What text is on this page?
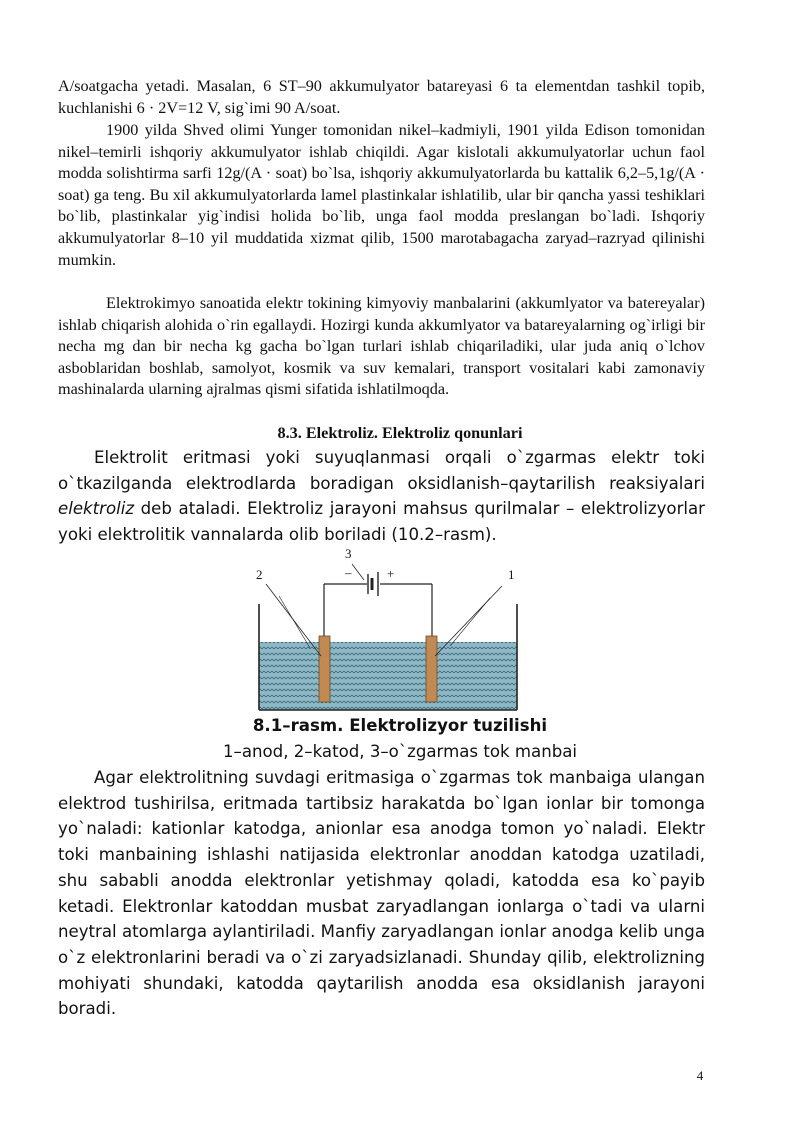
A/soatgacha yetadi. Masalan, 6 ST–90 akkumulyator batareyasi 6 ta elementdan tashkil topib, kuchlanishi 6 · 2V=12 V, sig`imi 90 A/soat.

1900 yilda Shved olimi Yunger tomonidan nikel–kadmiyli, 1901 yilda Edison tomonidan nikel–temirli ishqoriy akkumulyator ishlab chiqildi. Agar kislotali akkumulyatorlar uchun faol modda solishtirma sarfi 12g/(A · soat) bo`lsa, ishqoriy akkumulyatorlarda bu kattalik 6,2–5,1g/(A · soat) ga teng. Bu xil akkumulyatorlarda lamel plastinkalar ishlatilib, ular bir qancha yassi teshiklari bo`lib, plastinkalar yig`indisi holida bo`lib, unga faol modda preslangan bo`ladi. Ishqoriy akkumulyatorlar 8–10 yil muddatida xizmat qilib, 1500 marotabagacha zaryad–razryad qilinishi mumkin.

Elektrokimyo sanoatida elektr tokining kimyoviy manbalarini (akkumlyator va batereyalar) ishlab chiqarish alohida o`rin egallaydi. Hozirgi kunda akkumlyator va batareyalarning og`irligi bir necha mg dan bir necha kg gacha bo`lgan turlari ishlab chiqariladiki, ular juda aniq o`lchov asboblaridan boshlab, samolyot, kosmik va suv kemalari, transport vositalari kabi zamonaviy mashinalarda ularning ajralmas qismi sifatida ishlatilmoqda.

8.3. Elektroliz. Elektroliz qonunlari

Elektrolit eritmasi yoki suyuqlanmasi orqali o`zgarmas elektr toki o`tkazilganda elektrodlarda boradigan oksidlanish–qaytarilish reaksiyalari elektroliz deb ataladi. Elektroliz jarayoni mahsus qurilmalar – elektrolizyorlar yoki elektrolitik vannalarda olib boriladi (10.2–rasm).

–	+
3
2	1

8.1–rasm. Elektrolizyor tuzilishi

1–anod, 2–katod, 3–o`zgarmas tok manbai

Agar elektrolitning suvdagi eritmasiga o`zgarmas tok manbaiga ulangan elektrod tushirilsa, eritmada tartibsiz harakatda bo`lgan ionlar bir tomonga yo`naladi: kationlar katodga, anionlar esa anodga tomon yo`naladi. Elektr toki manbaining ishlashi natijasida elektronlar anoddan katodga uzatiladi, shu sababli anodda elektronlar yetishmay qoladi, katodda esa ko`payib ketadi. Elektronlar katoddan musbat zaryadlangan ionlarga o`tadi va ularni neytral atomlarga aylantiriladi. Manfiy zaryadlangan ionlar anodga kelib unga o`z elektronlarini beradi va o`zi zaryadsizlanadi. Shunday qilib, elektrolizning mohiyati shundaki, katodda qaytarilish anodda esa oksidlanish jarayoni boradi.

4
